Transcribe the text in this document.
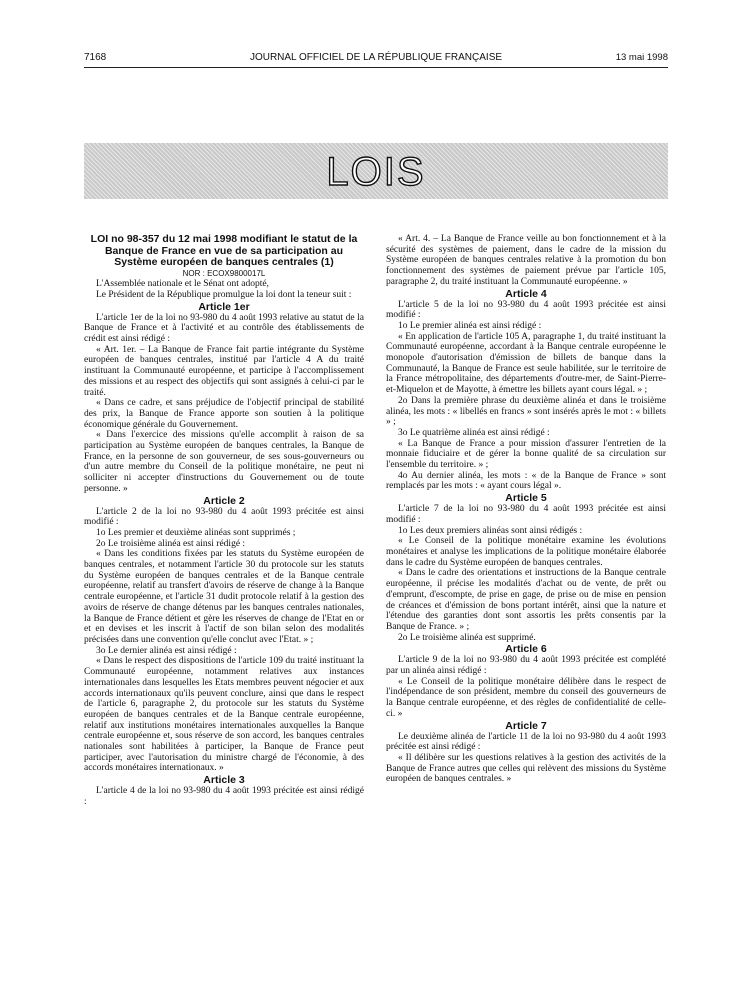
7168	JOURNAL OFFICIEL DE LA RÉPUBLIQUE FRANÇAISE	13 mai 1998
LOIS

LOI no 98-357 du 12 mai 1998 modifiant le statut de la Banque de France en vue de sa participation au Système européen de banques centrales (1)

NOR : ECOX9800017L

L'Assemblée nationale et le Sénat ont adopté,

Le Président de la République promulgue la loi dont la teneur suit :

Article 1er

L'article 1er de la loi no 93-980 du 4 août 1993 relative au statut de la Banque de France et à l'activité et au contrôle des établissements de crédit est ainsi rédigé :

« Art. 1er. – La Banque de France fait partie intégrante du Système européen de banques centrales, institué par l'article 4 A du traité instituant la Communauté européenne, et participe à l'accomplissement des missions et au respect des objectifs qui sont assignés à celui-ci par le traité.

« Dans ce cadre, et sans préjudice de l'objectif principal de stabilité des prix, la Banque de France apporte son soutien à la politique économique générale du Gouvernement.

« Dans l'exercice des missions qu'elle accomplit à raison de sa participation au Système européen de banques centrales, la Banque de France, en la personne de son gouverneur, de ses sous-gouverneurs ou d'un autre membre du Conseil de la politique monétaire, ne peut ni solliciter ni accepter d'instructions du Gouvernement ou de toute personne. »

Article 2

L'article 2 de la loi no 93-980 du 4 août 1993 précitée est ainsi modifié :

1o Les premier et deuxième alinéas sont supprimés ;

2o Le troisième alinéa est ainsi rédigé :

« Dans les conditions fixées par les statuts du Système européen de banques centrales, et notamment l'article 30 du protocole sur les statuts du Système européen de banques centrales et de la Banque centrale européenne, relatif au transfert d'avoirs de réserve de change à la Banque centrale européenne, et l'article 31 dudit protocole relatif à la gestion des avoirs de réserve de change détenus par les banques centrales nationales, la Banque de France détient et gère les réserves de change de l'Etat en or et en devises et les inscrit à l'actif de son bilan selon des modalités précisées dans une convention qu'elle conclut avec l'Etat. » ;

3o Le dernier alinéa est ainsi rédigé :

« Dans le respect des dispositions de l'article 109 du traité instituant la Communauté européenne, notamment relatives aux instances internationales dans lesquelles les Etats membres peuvent négocier et aux accords internationaux qu'ils peuvent conclure, ainsi que dans le respect de l'article 6, paragraphe 2, du protocole sur les statuts du Système européen de banques centrales et de la Banque centrale européenne, relatif aux institutions monétaires internationales auxquelles la Banque centrale européenne et, sous réserve de son accord, les banques centrales nationales sont habilitées à participer, la Banque de France peut participer, avec l'autorisation du ministre chargé de l'économie, à des accords monétaires internationaux. »

Article 3

L'article 4 de la loi no 93-980 du 4 août 1993 précitée est ainsi rédigé :

« Art. 4. – La Banque de France veille au bon fonctionnement et à la sécurité des systèmes de paiement, dans le cadre de la mission du Système européen de banques centrales relative à la promotion du bon fonctionnement des systèmes de paiement prévue par l'article 105, paragraphe 2, du traité instituant la Communauté européenne. »

Article 4

L'article 5 de la loi no 93-980 du 4 août 1993 précitée est ainsi modifié :

1o Le premier alinéa est ainsi rédigé :

« En application de l'article 105 A, paragraphe 1, du traité instituant la Communauté européenne, accordant à la Banque centrale européenne le monopole d'autorisation d'émission de billets de banque dans la Communauté, la Banque de France est seule habilitée, sur le territoire de la France métropolitaine, des départements d'outre-mer, de Saint-Pierre-et-Miquelon et de Mayotte, à émettre les billets ayant cours légal. » ;

2o Dans la première phrase du deuxième alinéa et dans le troisième alinéa, les mots : « libellés en francs » sont insérés après le mot : « billets » ;

3o Le quatrième alinéa est ainsi rédigé :

« La Banque de France a pour mission d'assurer l'entretien de la monnaie fiduciaire et de gérer la bonne qualité de sa circulation sur l'ensemble du territoire. » ;

4o Au dernier alinéa, les mots : « de la Banque de France » sont remplacés par les mots : « ayant cours légal ».

Article 5

L'article 7 de la loi no 93-980 du 4 août 1993 précitée est ainsi modifié :

1o Les deux premiers alinéas sont ainsi rédigés :

« Le Conseil de la politique monétaire examine les évolutions monétaires et analyse les implications de la politique monétaire élaborée dans le cadre du Système européen de banques centrales.

« Dans le cadre des orientations et instructions de la Banque centrale européenne, il précise les modalités d'achat ou de vente, de prêt ou d'emprunt, d'escompte, de prise en gage, de prise ou de mise en pension de créances et d'émission de bons portant intérêt, ainsi que la nature et l'étendue des garanties dont sont assortis les prêts consentis par la Banque de France. » ;

2o Le troisième alinéa est supprimé.

Article 6

L'article 9 de la loi no 93-980 du 4 août 1993 précitée est complété par un alinéa ainsi rédigé :

« Le Conseil de la politique monétaire délibère dans le respect de l'indépendance de son président, membre du conseil des gouverneurs de la Banque centrale européenne, et des règles de confidentialité de celle-ci. »

Article 7

Le deuxième alinéa de l'article 11 de la loi no 93-980 du 4 août 1993 précitée est ainsi rédigé :

« Il délibère sur les questions relatives à la gestion des activités de la Banque de France autres que celles qui relèvent des missions du Système européen de banques centrales. »
